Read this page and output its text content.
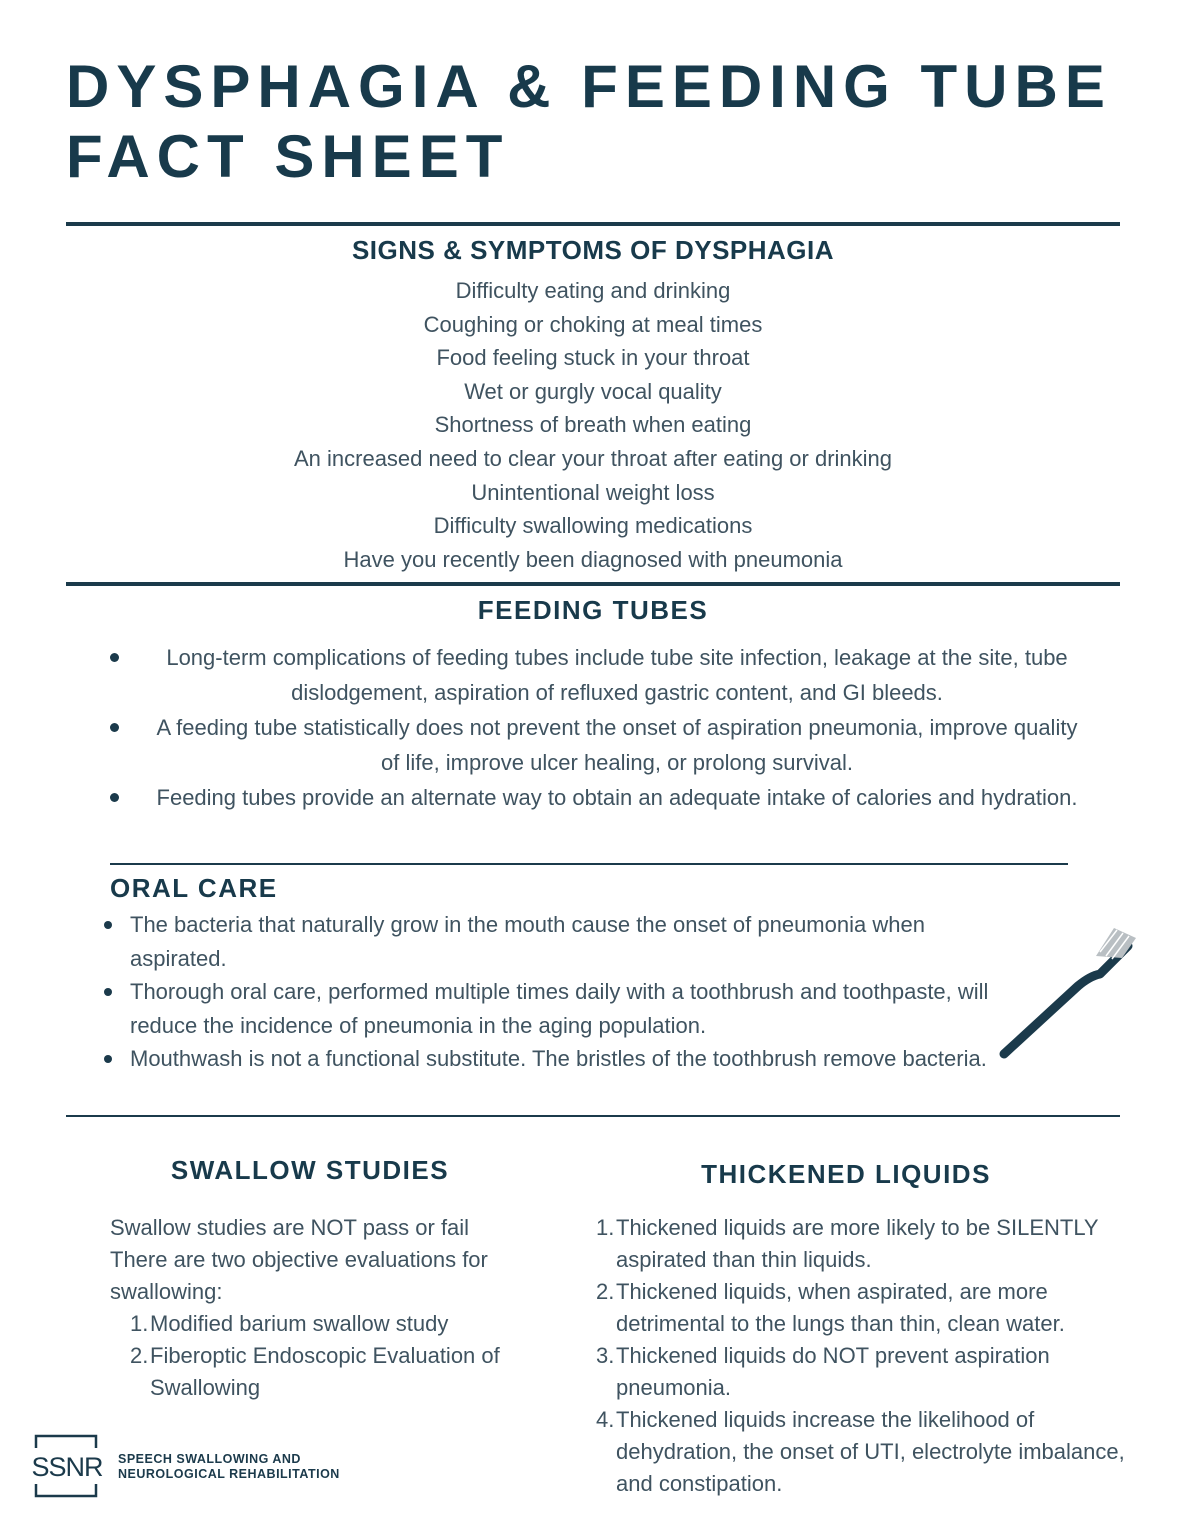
DYSPHAGIA & FEEDING TUBE
FACT SHEET
SIGNS & SYMPTOMS OF DYSPHAGIA
Difficulty eating and drinking
Coughing or choking at meal times
Food feeling stuck in your throat
Wet or gurgly vocal quality
Shortness of breath when eating
An increased need to clear your throat after eating or drinking
Unintentional weight loss
Difficulty swallowing medications
Have you recently been diagnosed with pneumonia
FEEDING TUBES
Long-term complications of feeding tubes include tube site infection, leakage at the site, tube dislodgement, aspiration of refluxed gastric content, and GI bleeds.
A feeding tube statistically does not prevent the onset of aspiration pneumonia, improve quality of life, improve ulcer healing, or prolong survival.
Feeding tubes provide an alternate way to obtain an adequate intake of calories and hydration.
ORAL CARE
The bacteria that naturally grow in the mouth cause the onset of pneumonia when aspirated.
Thorough oral care, performed multiple times daily with a toothbrush and toothpaste, will reduce the incidence of pneumonia in the aging population.
Mouthwash is not a functional substitute. The bristles of the toothbrush remove bacteria.
SWALLOW STUDIES

Swallow studies are NOT pass or fail

There are two objective evaluations for swallowing:

1. Modified barium swallow study
2. Fiberoptic Endoscopic Evaluation of Swallowing
THICKENED LIQUIDS
1. Thickened liquids are more likely to be SILENTLY aspirated than thin liquids.
2. Thickened liquids, when aspirated, are more detrimental to the lungs than thin, clean water.
3. Thickened liquids do NOT prevent aspiration pneumonia.
4. Thickened liquids increase the likelihood of dehydration, the onset of UTI, electrolyte imbalance, and constipation.
SSNR SPEECH SWALLOWING AND
NEUROLOGICAL REHABILITATION
